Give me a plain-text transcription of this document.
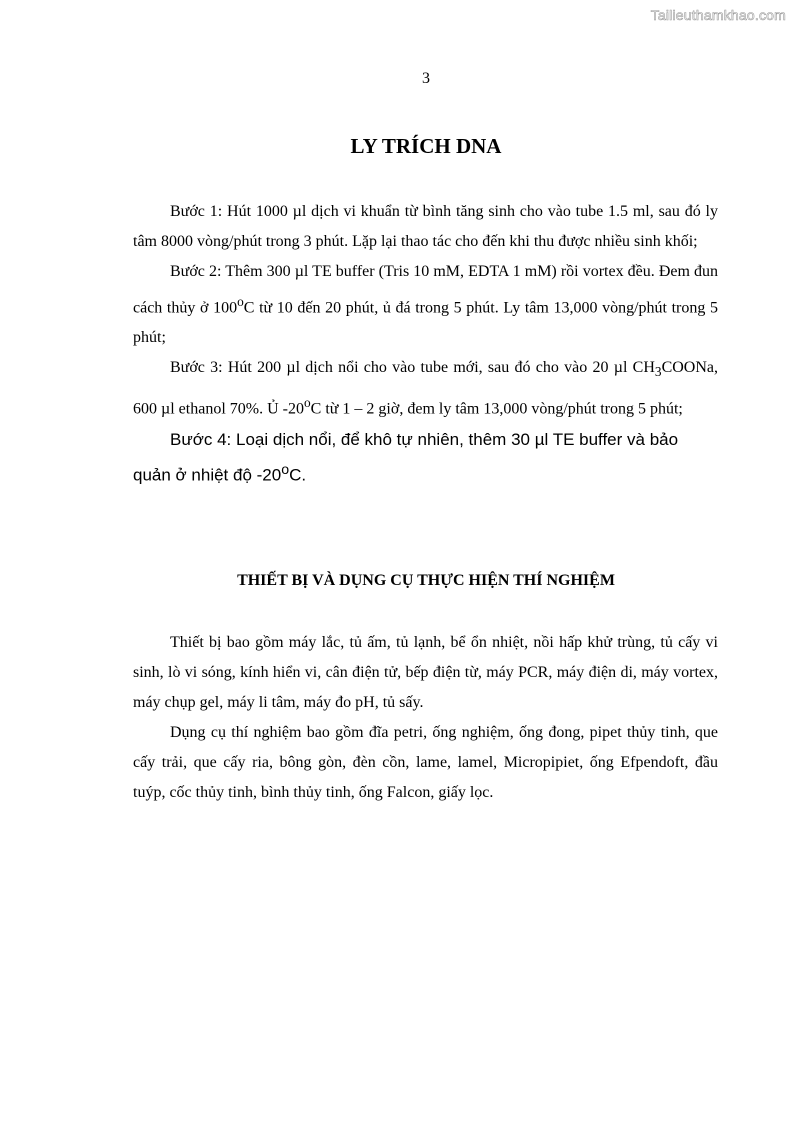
Tailieuthamkhao.com
3
LY TRÍCH DNA

Bước 1: Hút 1000 µl dịch vi khuẩn từ bình tăng sinh cho vào tube 1.5 ml, sau đó ly tâm 8000 vòng/phút trong 3 phút. Lặp lại thao tác cho đến khi thu được nhiều sinh khối;

Bước 2: Thêm 300 µl TE buffer (Tris 10 mM, EDTA 1 mM) rồi vortex đều. Đem đun cách thủy ở 100$^o$C từ 10 đến 20 phút, ủ đá trong 5 phút. Ly tâm 13,000 vòng/phút trong 5 phút;

Bước 3: Hút 200 µl dịch nổi cho vào tube mới, sau đó cho vào 20 µl $CH_3COONa$, 600 µl ethanol 70%. Ủ -20$^o$C từ 1 – 2 giờ, đem ly tâm 13,000 vòng/phút trong 5 phút;

Bước 4: Loại dịch nổi, để khô tự nhiên, thêm 30 µl TE buffer và bảo quản ở nhiệt độ -20$^o$C.

THIẾT BỊ VÀ DỤNG CỤ THỰC HIỆN THÍ NGHIỆM

Thiết bị bao gồm máy lắc, tủ ấm, tủ lạnh, bể ổn nhiệt, nồi hấp khử trùng, tủ cấy vi sinh, lò vi sóng, kính hiển vi, cân điện tử, bếp điện từ, máy PCR, máy điện di, máy vortex, máy chụp gel, máy li tâm, máy đo pH, tủ sấy.

Dụng cụ thí nghiệm bao gồm đĩa petri, ống nghiệm, ống đong, pipet thủy tinh, que cấy trải, que cấy ria, bông gòn, đèn cồn, lame, lamel, Micropipiet, ống Efpendoft, đầu tuýp, cốc thủy tinh, bình thủy tinh, ống Falcon, giấy lọc.
